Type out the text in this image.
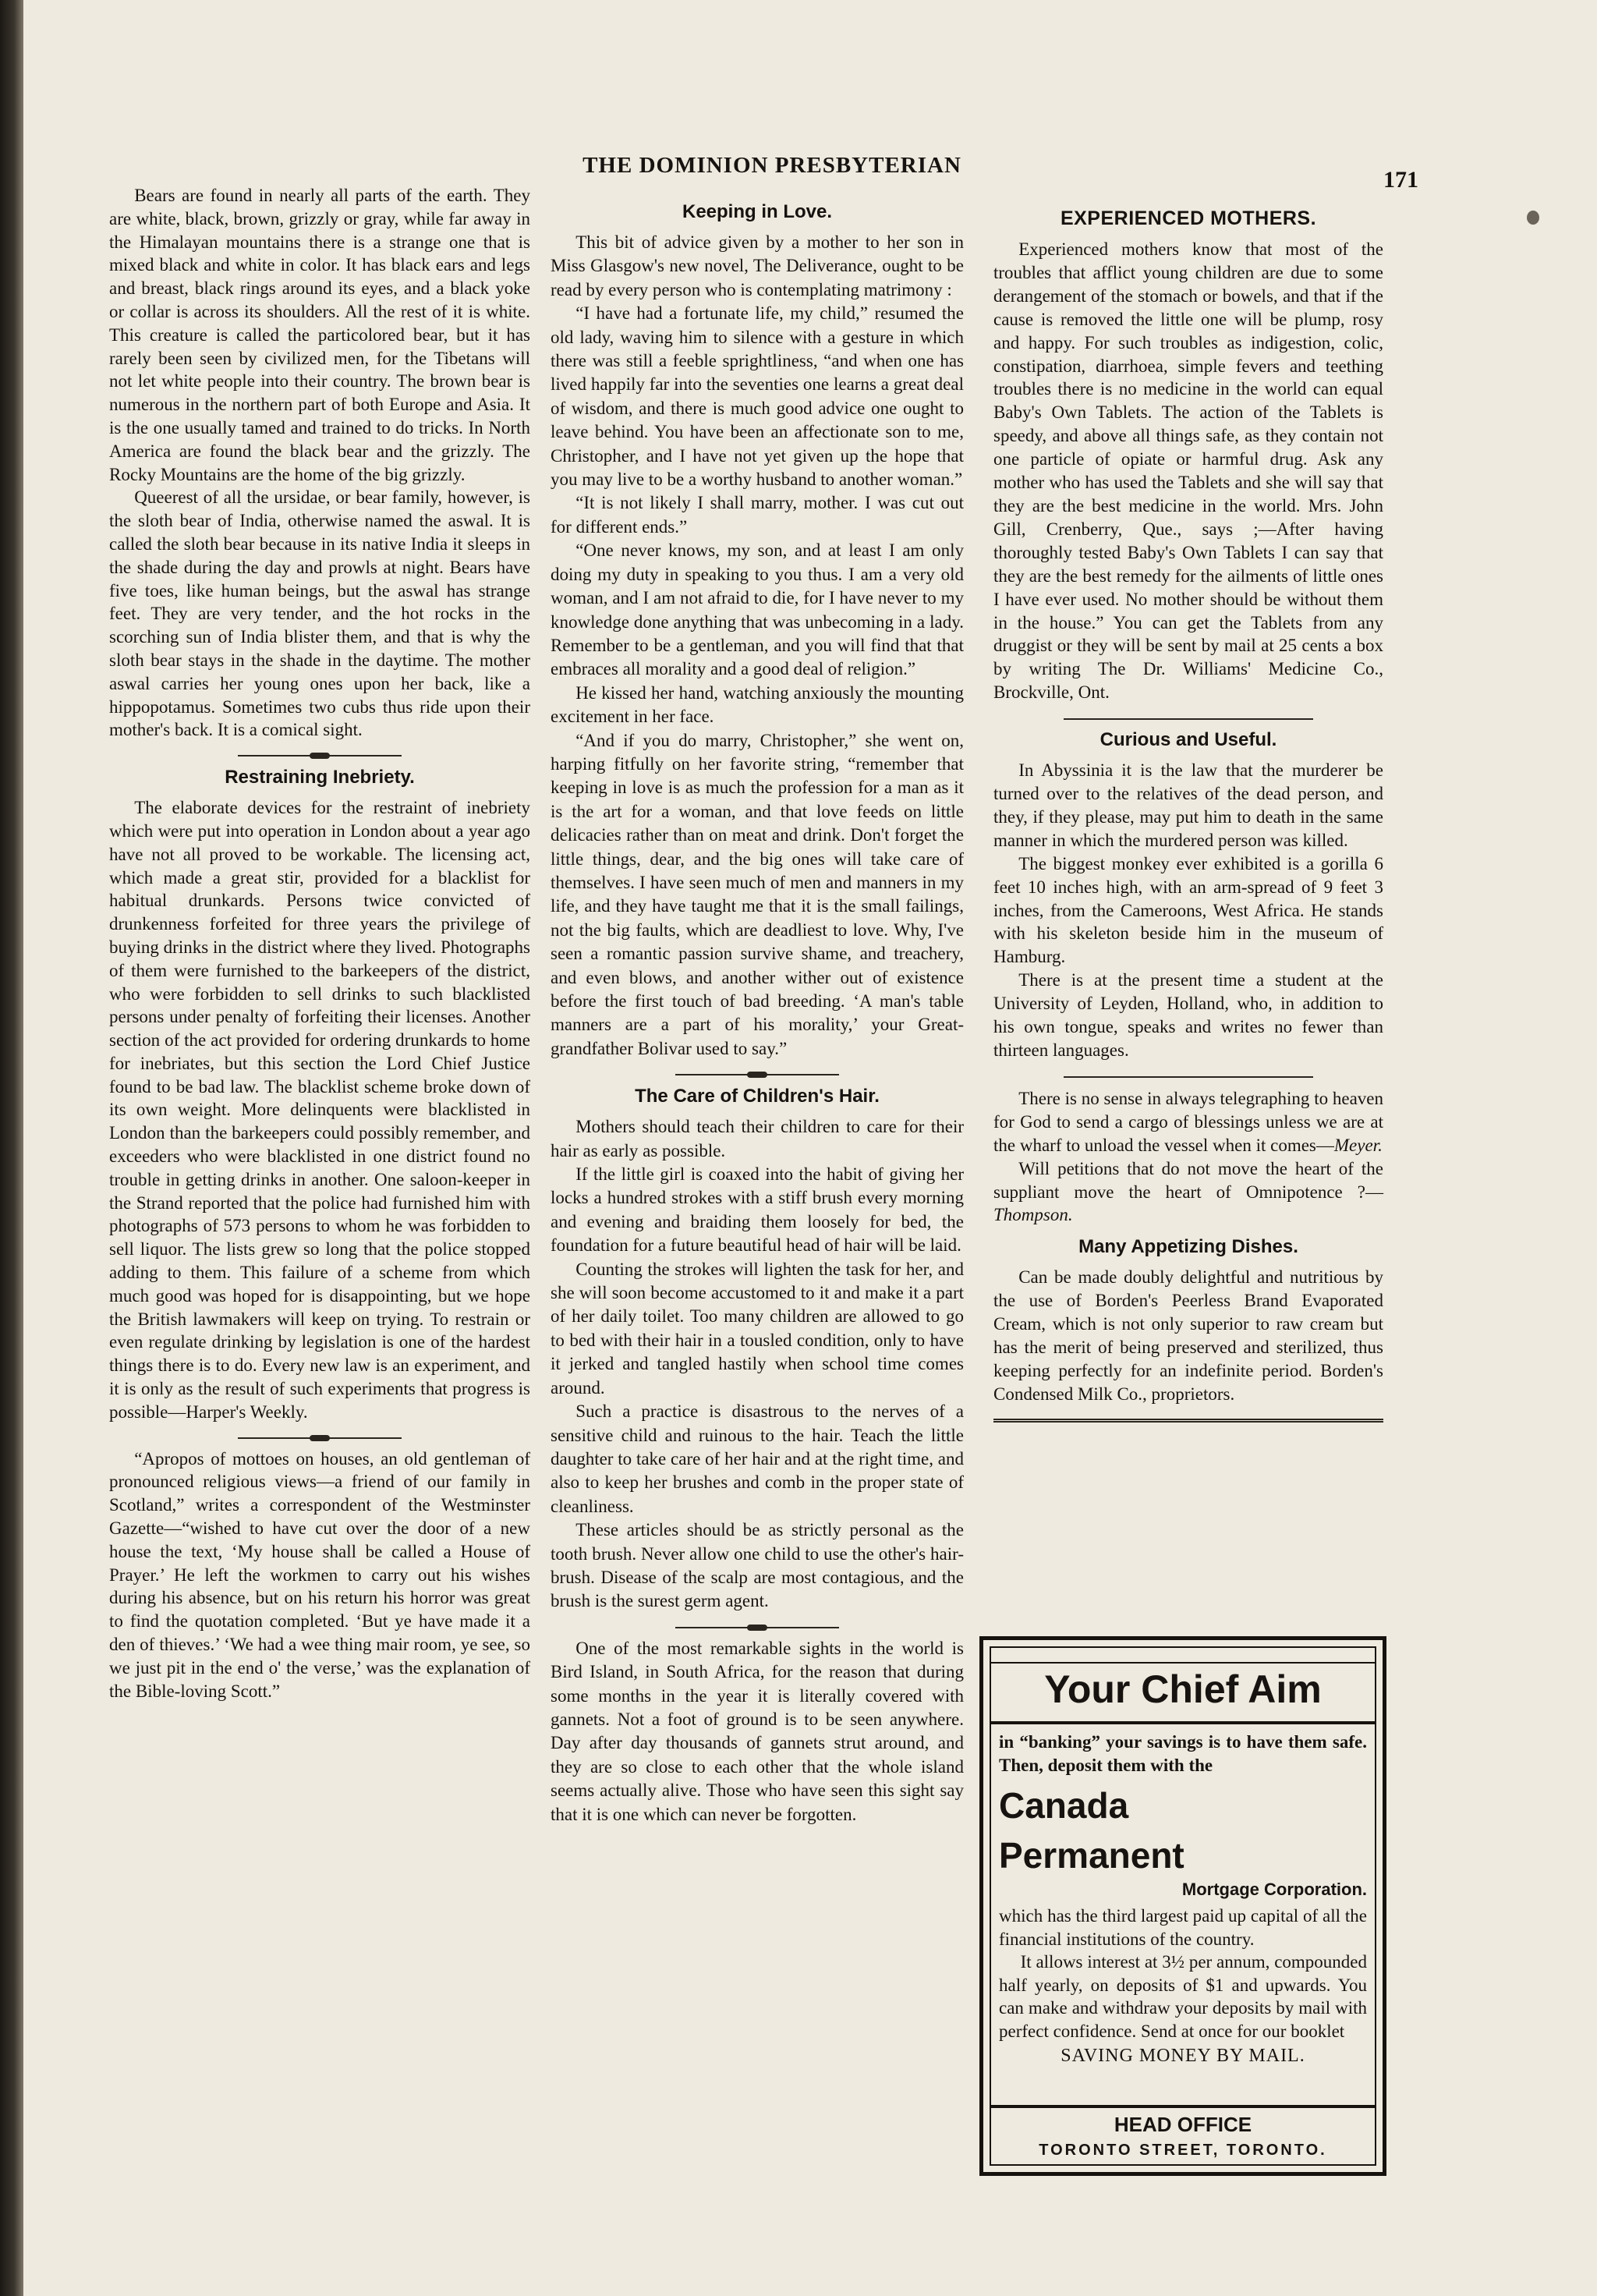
THE DOMINION PRESBYTERIAN
171

Bears are found in nearly all parts of the earth. They are white, black, brown, grizzly or gray, while far away in the Himalayan mountains there is a strange one that is mixed black and white in color. It has black ears and legs and breast, black rings around its eyes, and a black yoke or collar is across its shoulders. All the rest of it is white. This creature is called the particolored bear, but it has rarely been seen by civilized men, for the Tibetans will not let white people into their country. The brown bear is numerous in the northern part of both Europe and Asia. It is the one usually tamed and trained to do tricks. In North America are found the black bear and the grizzly. The Rocky Mountains are the home of the big grizzly.

Queerest of all the ursidae, or bear family, however, is the sloth bear of India, otherwise named the aswal. It is called the sloth bear because in its native India it sleeps in the shade during the day and prowls at night. Bears have five toes, like human beings, but the aswal has strange feet. They are very tender, and the hot rocks in the scorching sun of India blister them, and that is why the sloth bear stays in the shade in the daytime. The mother aswal carries her young ones upon her back, like a hippopotamus. Sometimes two cubs thus ride upon their mother's back. It is a comical sight.

Restraining Inebriety.

The elaborate devices for the restraint of inebriety which were put into operation in London about a year ago have not all proved to be workable. The licensing act, which made a great stir, provided for a blacklist for habitual drunkards. Persons twice convicted of drunkenness forfeited for three years the privilege of buying drinks in the district where they lived. Photographs of them were furnished to the barkeepers of the district, who were forbidden to sell drinks to such blacklisted persons under penalty of forfeiting their licenses. Another section of the act provided for ordering drunkards to home for inebriates, but this section the Lord Chief Justice found to be bad law. The blacklist scheme broke down of its own weight. More delinquents were blacklisted in London than the barkeepers could possibly remember, and exceeders who were blacklisted in one district found no trouble in getting drinks in another. One saloon-keeper in the Strand reported that the police had furnished him with photographs of 573 persons to whom he was forbidden to sell liquor. The lists grew so long that the police stopped adding to them. This failure of a scheme from which much good was hoped for is disappointing, but we hope the British lawmakers will keep on trying. To restrain or even regulate drinking by legislation is one of the hardest things there is to do. Every new law is an experiment, and it is only as the result of such experiments that progress is possible—Harper's Weekly.

“Apropos of mottoes on houses, an old gentleman of pronounced religious views—a friend of our family in Scotland,” writes a correspondent of the Westminster Gazette—“wished to have cut over the door of a new house the text, ‘My house shall be called a House of Prayer.’ He left the workmen to carry out his wishes during his absence, but on his return his horror was great to find the quotation completed. ‘But ye have made it a den of thieves.’ ‘We had a wee thing mair room, ye see, so we just pit in the end o' the verse,’ was the explanation of the Bible-loving Scott.”

Keeping in Love.

This bit of advice given by a mother to her son in Miss Glasgow's new novel, The Deliverance, ought to be read by every person who is contemplating matrimony :

“I have had a fortunate life, my child,” resumed the old lady, waving him to silence with a gesture in which there was still a feeble sprightliness, “and when one has lived happily far into the seventies one learns a great deal of wisdom, and there is much good advice one ought to leave behind. You have been an affectionate son to me, Christopher, and I have not yet given up the hope that you may live to be a worthy husband to another woman.”

“It is not likely I shall marry, mother. I was cut out for different ends.”

“One never knows, my son, and at least I am only doing my duty in speaking to you thus. I am a very old woman, and I am not afraid to die, for I have never to my knowledge done anything that was unbecoming in a lady. Remember to be a gentleman, and you will find that that embraces all morality and a good deal of religion.”

He kissed her hand, watching anxiously the mounting excitement in her face.

“And if you do marry, Christopher,” she went on, harping fitfully on her favorite string, “remember that keeping in love is as much the profession for a man as it is the art for a woman, and that love feeds on little delicacies rather than on meat and drink. Don't forget the little things, dear, and the big ones will take care of themselves. I have seen much of men and manners in my life, and they have taught me that it is the small failings, not the big faults, which are deadliest to love. Why, I've seen a romantic passion survive shame, and treachery, and even blows, and another wither out of existence before the first touch of bad breeding. ‘A man's table manners are a part of his morality,’ your Great-grandfather Bolivar used to say.”

The Care of Children's Hair.

Mothers should teach their children to care for their hair as early as possible.

If the little girl is coaxed into the habit of giving her locks a hundred strokes with a stiff brush every morning and evening and braiding them loosely for bed, the foundation for a future beautiful head of hair will be laid.

Counting the strokes will lighten the task for her, and she will soon become accustomed to it and make it a part of her daily toilet. Too many children are allowed to go to bed with their hair in a tousled condition, only to have it jerked and tangled hastily when school time comes around.

Such a practice is disastrous to the nerves of a sensitive child and ruinous to the hair. Teach the little daughter to take care of her hair and at the right time, and also to keep her brushes and comb in the proper state of cleanliness.

These articles should be as strictly personal as the tooth brush. Never allow one child to use the other's hair-brush. Disease of the scalp are most contagious, and the brush is the surest germ agent.

One of the most remarkable sights in the world is Bird Island, in South Africa, for the reason that during some months in the year it is literally covered with gannets. Not a foot of ground is to be seen anywhere. Day after day thousands of gannets strut around, and they are so close to each other that the whole island seems actually alive. Those who have seen this sight say that it is one which can never be forgotten.

EXPERIENCED MOTHERS.

Experienced mothers know that most of the troubles that afflict young children are due to some derangement of the stomach or bowels, and that if the cause is removed the little one will be plump, rosy and happy. For such troubles as indigestion, colic, constipation, diarrhoea, simple fevers and teething troubles there is no medicine in the world can equal Baby's Own Tablets. The action of the Tablets is speedy, and above all things safe, as they contain not one particle of opiate or harmful drug. Ask any mother who has used the Tablets and she will say that they are the best medicine in the world. Mrs. John Gill, Crenberry, Que., says ;—After having thoroughly tested Baby's Own Tablets I can say that they are the best remedy for the ailments of little ones I have ever used. No mother should be without them in the house.” You can get the Tablets from any druggist or they will be sent by mail at 25 cents a box by writing The Dr. Williams' Medicine Co., Brockville, Ont.

Curious and Useful.

In Abyssinia it is the law that the murderer be turned over to the relatives of the dead person, and they, if they please, may put him to death in the same manner in which the murdered person was killed.

The biggest monkey ever exhibited is a gorilla 6 feet 10 inches high, with an arm-spread of 9 feet 3 inches, from the Cameroons, West Africa. He stands with his skeleton beside him in the museum of Hamburg.

There is at the present time a student at the University of Leyden, Holland, who, in addition to his own tongue, speaks and writes no fewer than thirteen languages.

There is no sense in always telegraphing to heaven for God to send a cargo of blessings unless we are at the wharf to unload the vessel when it comes—Meyer.

Will petitions that do not move the heart of the suppliant move the heart of Omnipotence ?—Thompson.

Many Appetizing Dishes.

Can be made doubly delightful and nutritious by the use of Borden's Peerless Brand Evaporated Cream, which is not only superior to raw cream but has the merit of being preserved and sterilized, thus keeping perfectly for an indefinite period. Borden's Condensed Milk Co., proprietors.

Your Chief Aim

in “banking” your savings is to have them safe. Then, deposit them with the

Canada
Permanent
Mortgage Corporation.

which has the third largest paid up capital of all the financial institutions of the country.

It allows interest at 3½ per annum, compounded half yearly, on deposits of $1 and upwards. You can make and withdraw your deposits by mail with perfect confidence. Send at once for our booklet

SAVING MONEY BY MAIL.
HEAD OFFICE
TORONTO STREET, TORONTO.
